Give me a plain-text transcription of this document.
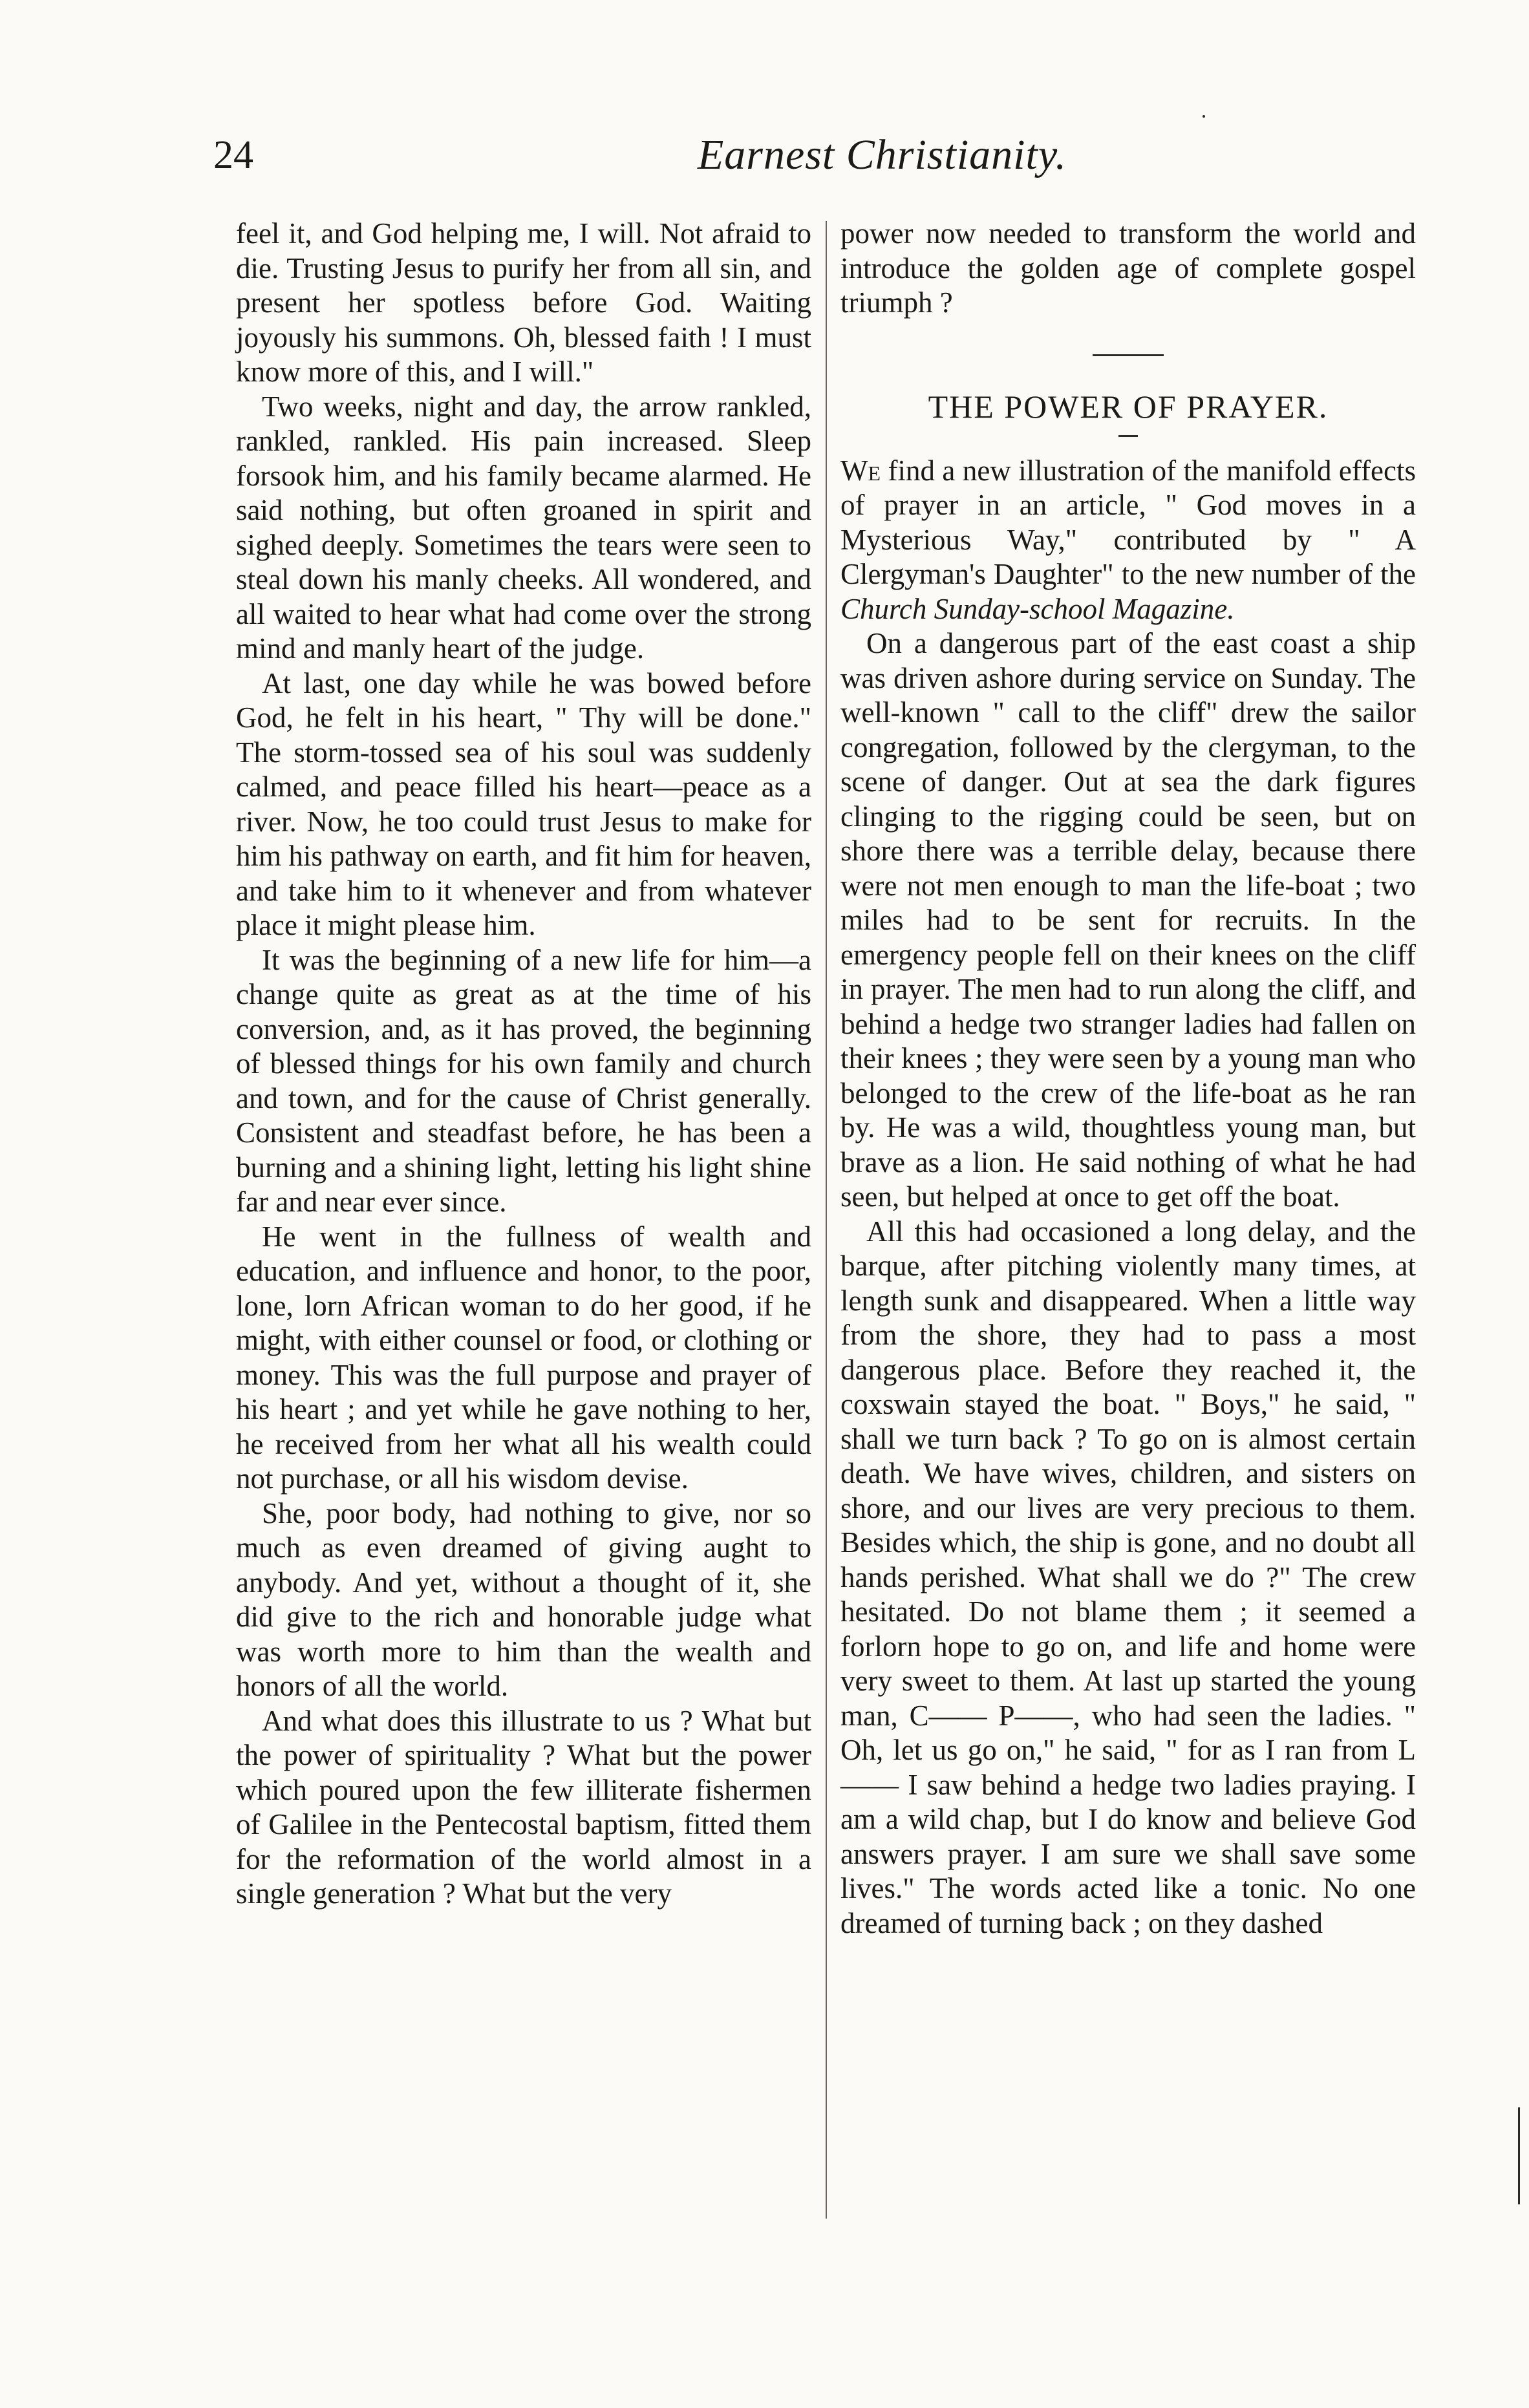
24	Earnest Christianity.

feel it, and God helping me, I will. Not afraid to die. Trusting Jesus to purify her from all sin, and present her spotless before God. Waiting joyously his summons. Oh, blessed faith ! I must know more of this, and I will."

Two weeks, night and day, the arrow rankled, rankled, rankled. His pain increased. Sleep forsook him, and his family became alarmed. He said nothing, but often groaned in spirit and sighed deeply. Sometimes the tears were seen to steal down his manly cheeks. All wondered, and all waited to hear what had come over the strong mind and manly heart of the judge.

At last, one day while he was bowed before God, he felt in his heart, " Thy will be done." The storm-tossed sea of his soul was suddenly calmed, and peace filled his heart—peace as a river. Now, he too could trust Jesus to make for him his pathway on earth, and fit him for heaven, and take him to it whenever and from whatever place it might please him.

It was the beginning of a new life for him—a change quite as great as at the time of his conversion, and, as it has proved, the beginning of blessed things for his own family and church and town, and for the cause of Christ generally. Consistent and steadfast before, he has been a burning and a shining light, letting his light shine far and near ever since.

He went in the fullness of wealth and education, and influence and honor, to the poor, lone, lorn African woman to do her good, if he might, with either counsel or food, or clothing or money. This was the full purpose and prayer of his heart ; and yet while he gave nothing to her, he received from her what all his wealth could not purchase, or all his wisdom devise.

She, poor body, had nothing to give, nor so much as even dreamed of giving aught to anybody. And yet, without a thought of it, she did give to the rich and honorable judge what was worth more to him than the wealth and honors of all the world.

And what does this illustrate to us ? What but the power of spirituality ? What but the power which poured upon the few illiterate fishermen of Galilee in the Pentecostal baptism, fitted them for the reformation of the world almost in a single generation ? What but the very

power now needed to transform the world and introduce the golden age of complete gospel triumph ?

THE POWER OF PRAYER.

We find a new illustration of the manifold effects of prayer in an article, " God moves in a Mysterious Way," contributed by " A Clergyman's Daughter" to the new number of the Church Sunday-school Magazine.

On a dangerous part of the east coast a ship was driven ashore during service on Sunday. The well-known " call to the cliff" drew the sailor congregation, followed by the clergyman, to the scene of danger. Out at sea the dark figures clinging to the rigging could be seen, but on shore there was a terrible delay, because there were not men enough to man the life-boat ; two miles had to be sent for recruits. In the emergency people fell on their knees on the cliff in prayer. The men had to run along the cliff, and behind a hedge two stranger ladies had fallen on their knees ; they were seen by a young man who belonged to the crew of the life-boat as he ran by. He was a wild, thoughtless young man, but brave as a lion. He said nothing of what he had seen, but helped at once to get off the boat.

All this had occasioned a long delay, and the barque, after pitching violently many times, at length sunk and disappeared. When a little way from the shore, they had to pass a most dangerous place. Before they reached it, the coxswain stayed the boat. " Boys," he said, " shall we turn back ? To go on is almost certain death. We have wives, children, and sisters on shore, and our lives are very precious to them. Besides which, the ship is gone, and no doubt all hands perished. What shall we do ?" The crew hesitated. Do not blame them ; it seemed a forlorn hope to go on, and life and home were very sweet to them. At last up started the young man, C—— P——, who had seen the ladies. " Oh, let us go on," he said, " for as I ran from L—— I saw behind a hedge two ladies praying. I am a wild chap, but I do know and believe God answers prayer. I am sure we shall save some lives." The words acted like a tonic. No one dreamed of turning back ; on they dashed
